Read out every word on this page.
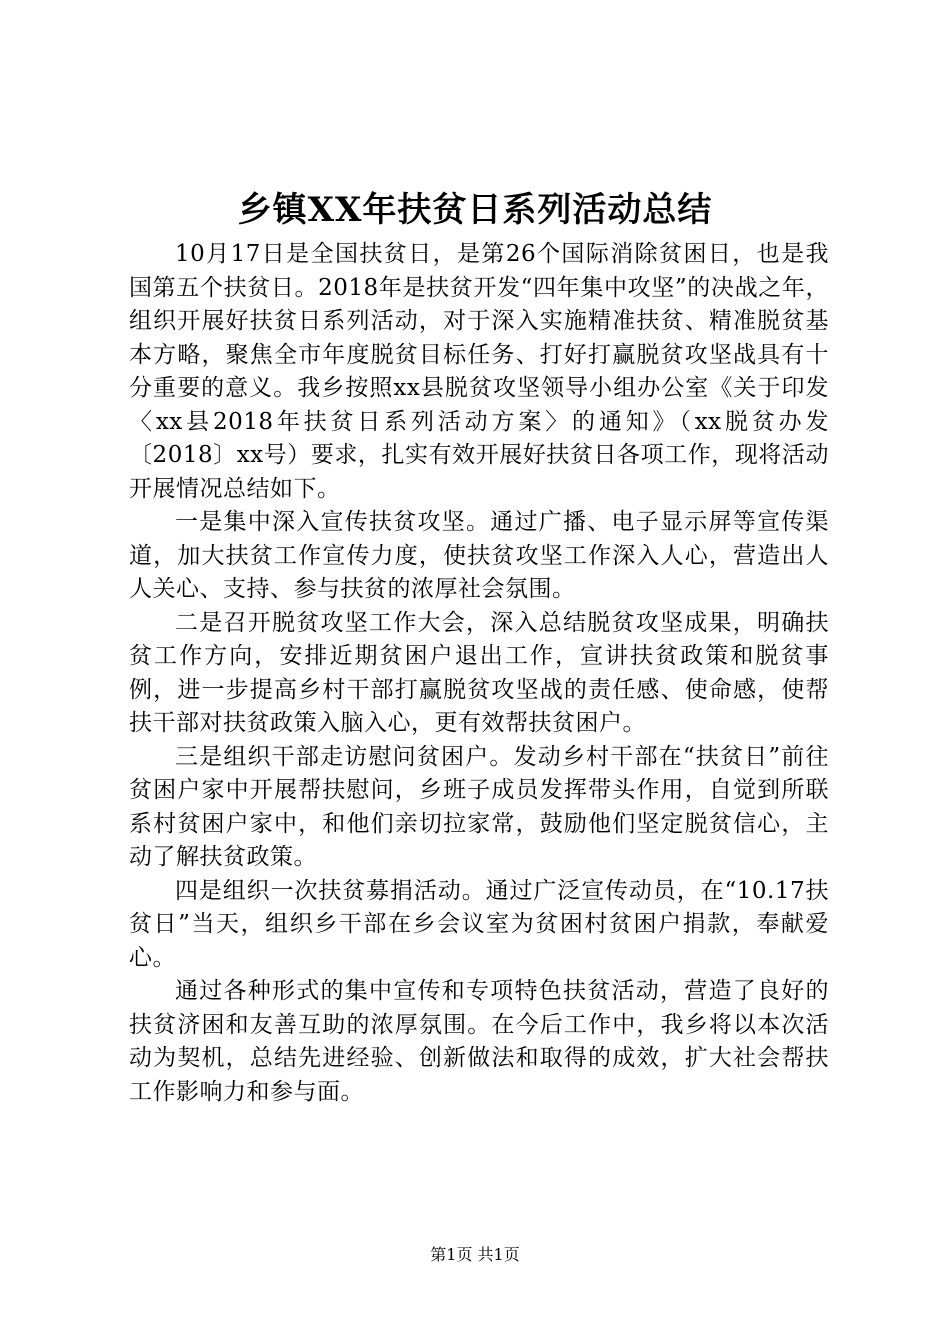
乡镇XX年扶贫日系列活动总结

10月17日是全国扶贫日，是第26个国际消除贫困日，也是我国第五个扶贫日。2018年是扶贫开发“四年集中攻坚”的决战之年，组织开展好扶贫日系列活动，对于深入实施精准扶贫、精准脱贫基本方略，聚焦全市年度脱贫目标任务、打好打赢脱贫攻坚战具有十分重要的意义。我乡按照xx县脱贫攻坚领导小组办公室《关于印发〈xx县2018年扶贫日系列活动方案〉的通知》（xx脱贫办发〔2018〕xx号）要求，扎实有效开展好扶贫日各项工作，现将活动开展情况总结如下。

一是集中深入宣传扶贫攻坚。通过广播、电子显示屏等宣传渠道，加大扶贫工作宣传力度，使扶贫攻坚工作深入人心，营造出人人关心、支持、参与扶贫的浓厚社会氛围。

二是召开脱贫攻坚工作大会，深入总结脱贫攻坚成果，明确扶贫工作方向，安排近期贫困户退出工作，宣讲扶贫政策和脱贫事例，进一步提高乡村干部打赢脱贫攻坚战的责任感、使命感，使帮扶干部对扶贫政策入脑入心，更有效帮扶贫困户。

三是组织干部走访慰问贫困户。发动乡村干部在“扶贫日”前往贫困户家中开展帮扶慰问，乡班子成员发挥带头作用，自觉到所联系村贫困户家中，和他们亲切拉家常，鼓励他们坚定脱贫信心，主动了解扶贫政策。

四是组织一次扶贫募捐活动。通过广泛宣传动员，在“10.17扶贫日”当天，组织乡干部在乡会议室为贫困村贫困户捐款，奉献爱心。

通过各种形式的集中宣传和专项特色扶贫活动，营造了良好的扶贫济困和友善互助的浓厚氛围。在今后工作中，我乡将以本次活动为契机，总结先进经验、创新做法和取得的成效，扩大社会帮扶工作影响力和参与面。

第1页 共1页
